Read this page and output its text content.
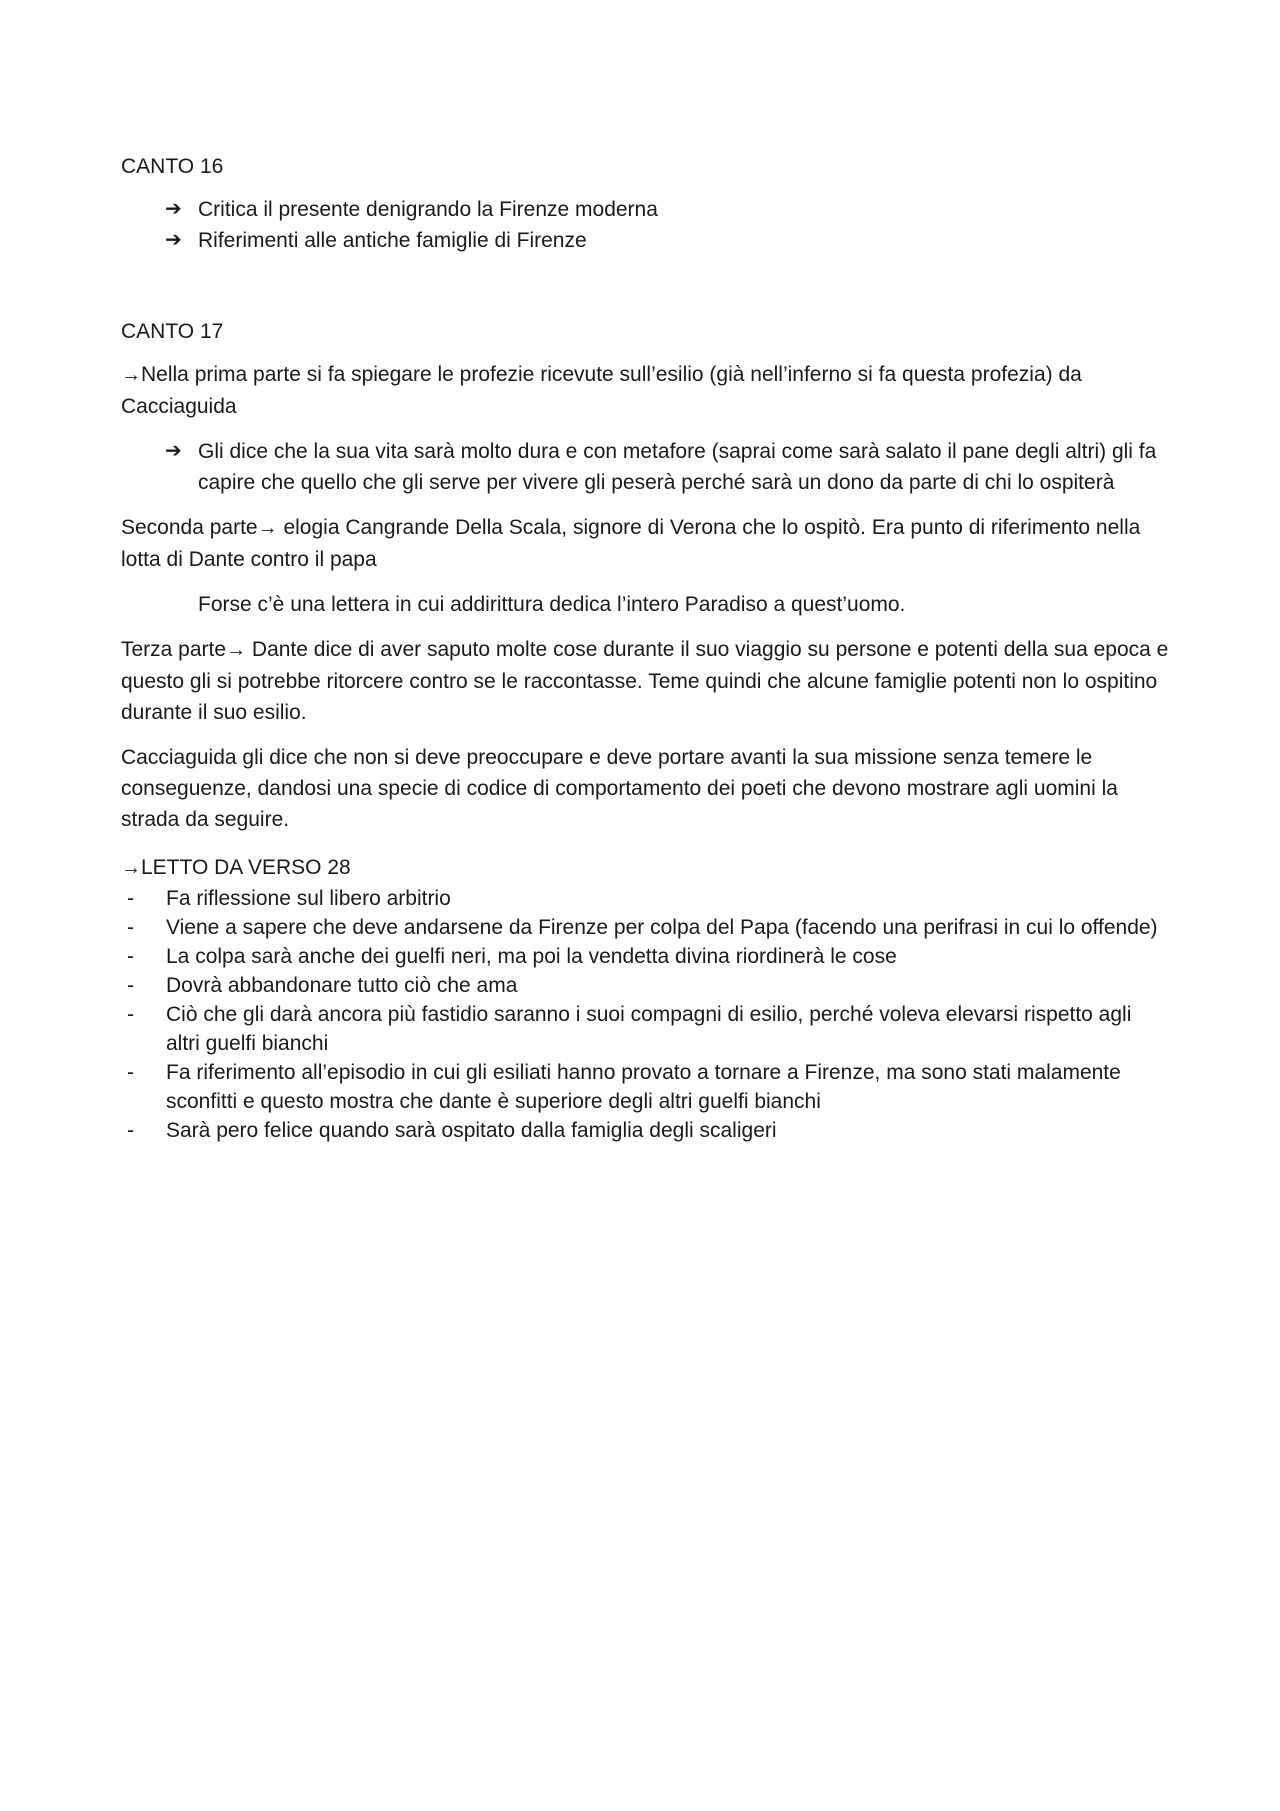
CANTO 16

➔ Critica il presente denigrando la Firenze moderna
➔ Riferimenti alle antiche famiglie di Firenze

CANTO 17

→Nella prima parte si fa spiegare le profezie ricevute sull’esilio (già nell’inferno si fa questa profezia) da Cacciaguida

➔ Gli dice che la sua vita sarà molto dura e con metafore (saprai come sarà salato il pane degli altri) gli fa capire che quello che gli serve per vivere gli peserà perché sarà un dono da parte di chi lo ospiterà

Seconda parte→ elogia Cangrande Della Scala, signore di Verona che lo ospitò. Era punto di riferimento nella lotta di Dante contro il papa

Forse c’è una lettera in cui addirittura dedica l’intero Paradiso a quest’uomo.

Terza parte→ Dante dice di aver saputo molte cose durante il suo viaggio su persone e potenti della sua epoca e questo gli si potrebbe ritorcere contro se le raccontasse. Teme quindi che alcune famiglie potenti non lo ospitino durante il suo esilio.

Cacciaguida gli dice che non si deve preoccupare e deve portare avanti la sua missione senza temere le conseguenze, dandosi una specie di codice di comportamento dei poeti che devono mostrare agli uomini la strada da seguire.

→LETTO DA VERSO 28

- Fa riflessione sul libero arbitrio
- Viene a sapere che deve andarsene da Firenze per colpa del Papa (facendo una perifrasi in cui lo offende)
- La colpa sarà anche dei guelfi neri, ma poi la vendetta divina riordinerà le cose
- Dovrà abbandonare tutto ciò che ama
- Ciò che gli darà ancora più fastidio saranno i suoi compagni di esilio, perché voleva elevarsi rispetto agli altri guelfi bianchi
- Fa riferimento all’episodio in cui gli esiliati hanno provato a tornare a Firenze, ma sono stati malamente sconfitti e questo mostra che dante è superiore degli altri guelfi bianchi
- Sarà pero felice quando sarà ospitato dalla famiglia degli scaligeri
